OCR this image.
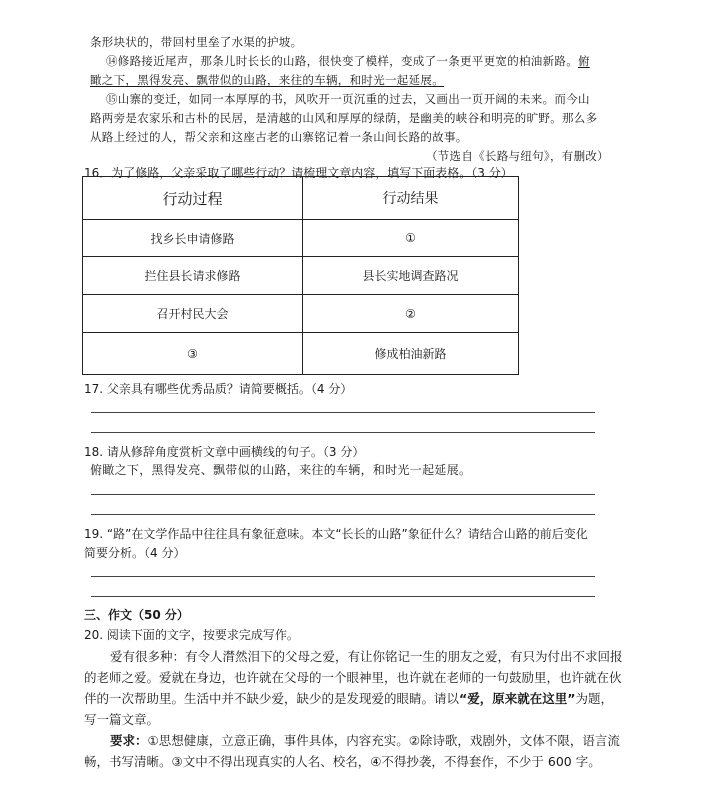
条形块状的，带回村里垒了水渠的护坡。
⑭修路接近尾声，那条儿时长长的山路，很快变了模样，变成了一条更平更宽的柏油新路。俯
瞰之下，黑得发亮、飘带似的山路，来往的车辆，和时光一起延展。
⑮山寨的变迁，如同一本厚厚的书，风吹开一页沉重的过去，又画出一页开阔的未来。而今山
路两旁是农家乐和古朴的民居，是清越的山风和厚厚的绿荫，是幽美的峡谷和明亮的旷野。那么多
从路上经过的人，帮父亲和这座古老的山寨铭记着一条山间长路的故事。
（节选自《长路与纽句》，有删改）
16．为了修路，父亲采取了哪些行动？请梳理文章内容，填写下面表格。（3 分）
行动过程	行动结果
找乡长申请修路	①
拦住县长请求修路	县长实地调查路况
召开村民大会	②
③	修成柏油新路
17. 父亲具有哪些优秀品质？请简要概括。（4 分）
18. 请从修辞角度赏析文章中画横线的句子。（3 分）
俯瞰之下，黑得发亮、飘带似的山路，来往的车辆，和时光一起延展。
19. “路”在文学作品中往往具有象征意味。本文“长长的山路”象征什么？请结合山路的前后变化
简要分析。（4 分）
三、作文（50 分）
20. 阅读下面的文字，按要求完成写作。
爱有很多种：有令人潸然泪下的父母之爱，有让你铭记一生的朋友之爱，有只为付出不求回报
的老师之爱。爱就在身边，也许就在父母的一个眼神里，也许就在老师的一句鼓励里，也许就在伙
伴的一次帮助里。生活中并不缺少爱，缺少的是发现爱的眼睛。请以“爱，原来就在这里”为题，
写一篇文章。
要求：①思想健康，立意正确，事件具体，内容充实。②除诗歌，戏剧外，文体不限，语言流
畅，书写清晰。③文中不得出现真实的人名、校名，④不得抄袭，不得套作，不少于 600 字。
